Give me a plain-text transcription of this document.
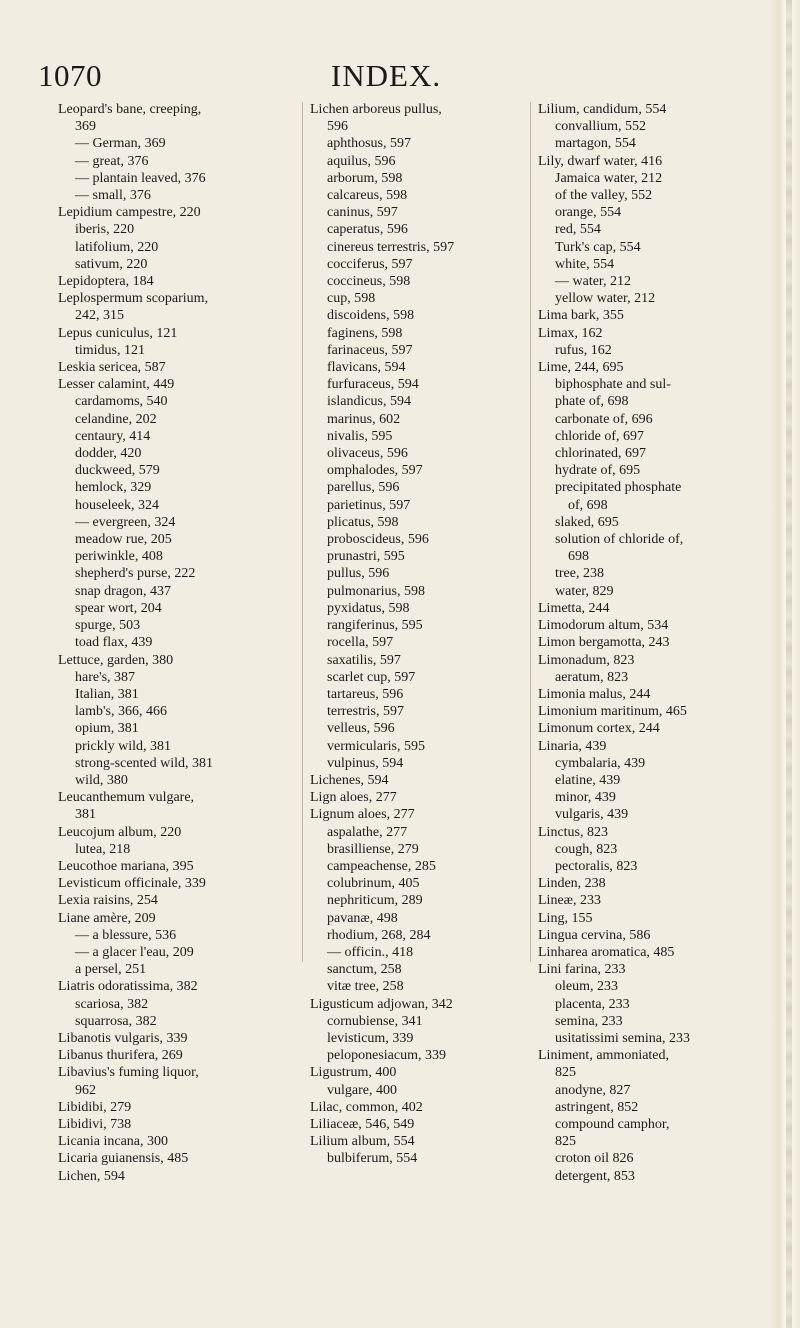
1070	INDEX.
Leopard's bane, creeping,
369
— German, 369
— great, 376
— plantain leaved, 376
— small, 376
Lepidium campestre, 220
iberis, 220
latifolium, 220
sativum, 220
Lepidoptera, 184
Leplospermum scoparium,
242, 315
Lepus cuniculus, 121
timidus, 121
Leskia sericea, 587
Lesser calamint, 449
cardamoms, 540
celandine, 202
centaury, 414
dodder, 420
duckweed, 579
hemlock, 329
houseleek, 324
— evergreen, 324
meadow rue, 205
periwinkle, 408
shepherd's purse, 222
snap dragon, 437
spear wort, 204
spurge, 503
toad flax, 439
Lettuce, garden, 380
hare's, 387
Italian, 381
lamb's, 366, 466
opium, 381
prickly wild, 381
strong-scented wild, 381
wild, 380
Leucanthemum vulgare,
381
Leucojum album, 220
lutea, 218
Leucothoe mariana, 395
Levisticum officinale, 339
Lexia raisins, 254
Liane amère, 209
— a blessure, 536
— a glacer l'eau, 209
a persel, 251
Liatris odoratissima, 382
scariosa, 382
squarrosa, 382
Libanotis vulgaris, 339
Libanus thurifera, 269
Libavius's fuming liquor,
962
Libidibi, 279
Libidivi, 738
Licania incana, 300
Licaria guianensis, 485
Lichen, 594
Lichen arboreus pullus,
596
aphthosus, 597
aquilus, 596
arborum, 598
calcareus, 598
caninus, 597
caperatus, 596
cinereus terrestris, 597
cocciferus, 597
coccineus, 598
cup, 598
discoidens, 598
faginens, 598
farinaceus, 597
flavicans, 594
furfuraceus, 594
islandicus, 594
marinus, 602
nivalis, 595
olivaceus, 596
omphalodes, 597
parellus, 596
parietinus, 597
plicatus, 598
proboscideus, 596
prunastri, 595
pullus, 596
pulmonarius, 598
pyxidatus, 598
rangiferinus, 595
rocella, 597
saxatilis, 597
scarlet cup, 597
tartareus, 596
terrestris, 597
velleus, 596
vermicularis, 595
vulpinus, 594
Lichenes, 594
Lign aloes, 277
Lignum aloes, 277
aspalathe, 277
brasilliense, 279
campeachense, 285
colubrinum, 405
nephriticum, 289
pavanæ, 498
rhodium, 268, 284
— officin., 418
sanctum, 258
vitæ tree, 258
Ligusticum adjowan, 342
cornubiense, 341
levisticum, 339
peloponesiacum, 339
Ligustrum, 400
vulgare, 400
Lilac, common, 402
Liliaceæ, 546, 549
Lilium album, 554
bulbiferum, 554
Lilium, candidum, 554
convallium, 552
martagon, 554
Lily, dwarf water, 416
Jamaica water, 212
of the valley, 552
orange, 554
red, 554
Turk's cap, 554
white, 554
— water, 212
yellow water, 212
Lima bark, 355
Limax, 162
rufus, 162
Lime, 244, 695
biphosphate and sul-
phate of, 698
carbonate of, 696
chloride of, 697
chlorinated, 697
hydrate of, 695
precipitated phosphate
of, 698
slaked, 695
solution of chloride of,
698
tree, 238
water, 829
Limetta, 244
Limodorum altum, 534
Limon bergamotta, 243
Limonadum, 823
aeratum, 823
Limonia malus, 244
Limonium maritinum, 465
Limonum cortex, 244
Linaria, 439
cymbalaria, 439
elatine, 439
minor, 439
vulgaris, 439
Linctus, 823
cough, 823
pectoralis, 823
Linden, 238
Lineæ, 233
Ling, 155
Lingua cervina, 586
Linharea aromatica, 485
Lini farina, 233
oleum, 233
placenta, 233
semina, 233
usitatissimi semina, 233
Liniment, ammoniated,
825
anodyne, 827
astringent, 852
compound camphor,
825
croton oil 826
detergent, 853
